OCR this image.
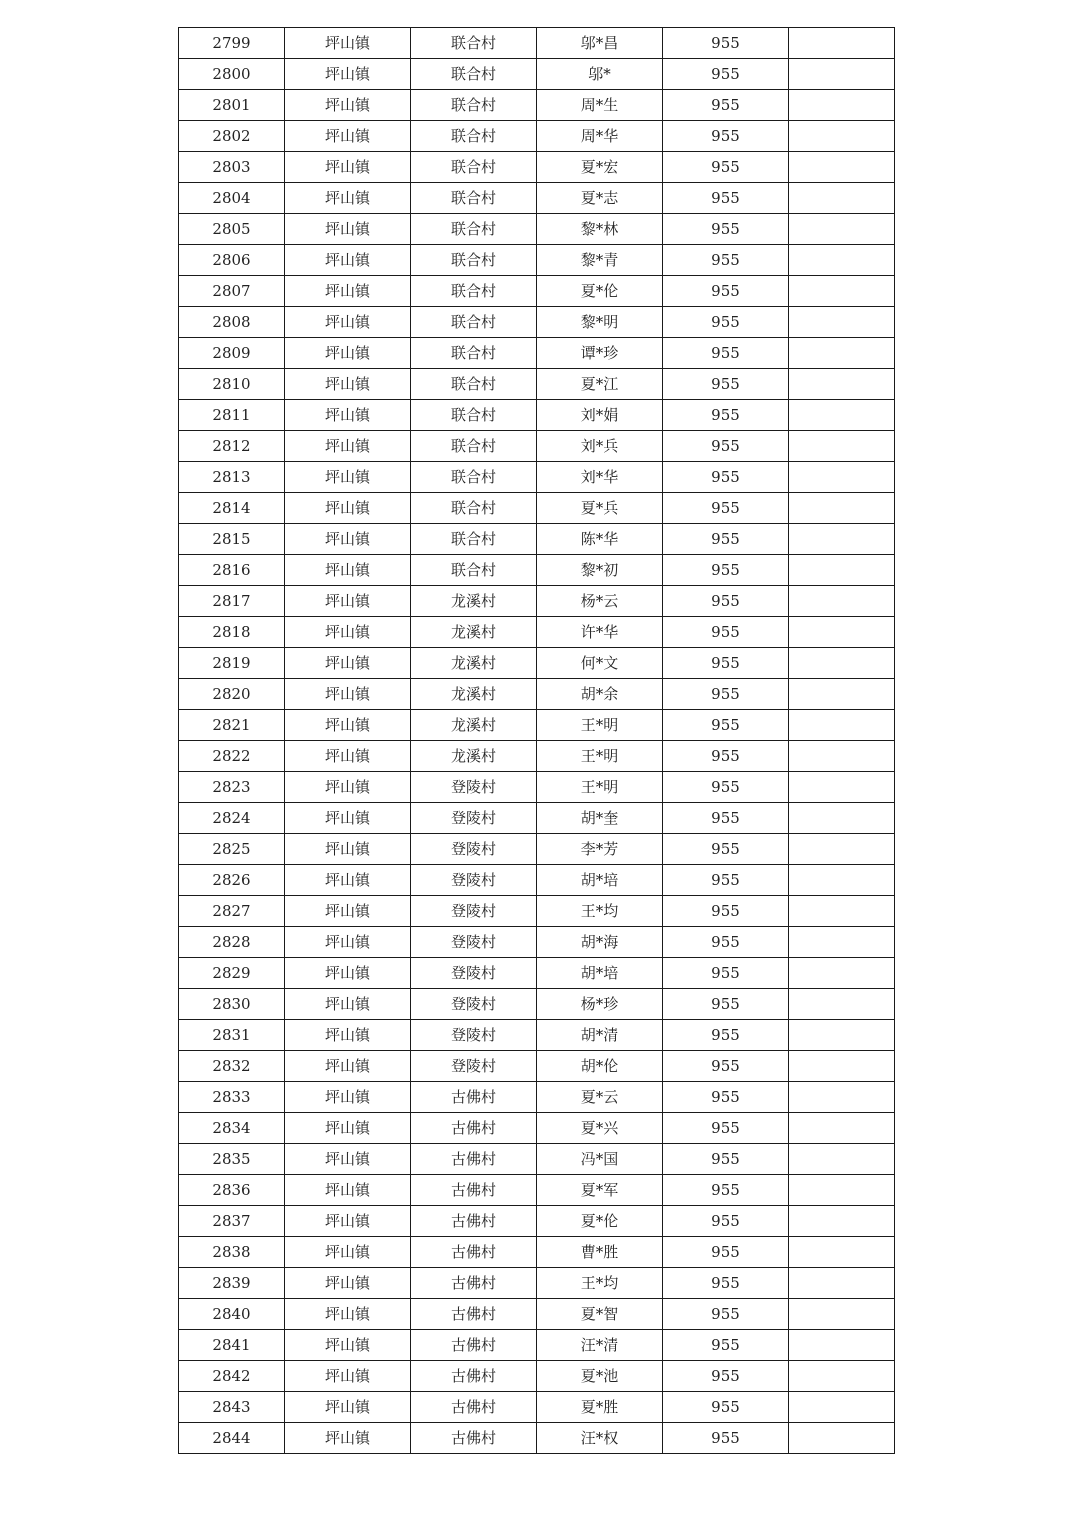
2799	坪山镇	联合村	邬*昌	955	
2800	坪山镇	联合村	邬*	955	
2801	坪山镇	联合村	周*生	955	
2802	坪山镇	联合村	周*华	955	
2803	坪山镇	联合村	夏*宏	955	
2804	坪山镇	联合村	夏*志	955	
2805	坪山镇	联合村	黎*林	955	
2806	坪山镇	联合村	黎*青	955	
2807	坪山镇	联合村	夏*伦	955	
2808	坪山镇	联合村	黎*明	955	
2809	坪山镇	联合村	谭*珍	955	
2810	坪山镇	联合村	夏*江	955	
2811	坪山镇	联合村	刘*娟	955	
2812	坪山镇	联合村	刘*兵	955	
2813	坪山镇	联合村	刘*华	955	
2814	坪山镇	联合村	夏*兵	955	
2815	坪山镇	联合村	陈*华	955	
2816	坪山镇	联合村	黎*初	955	
2817	坪山镇	龙溪村	杨*云	955	
2818	坪山镇	龙溪村	许*华	955	
2819	坪山镇	龙溪村	何*文	955	
2820	坪山镇	龙溪村	胡*余	955	
2821	坪山镇	龙溪村	王*明	955	
2822	坪山镇	龙溪村	王*明	955	
2823	坪山镇	登陵村	王*明	955	
2824	坪山镇	登陵村	胡*奎	955	
2825	坪山镇	登陵村	李*芳	955	
2826	坪山镇	登陵村	胡*培	955	
2827	坪山镇	登陵村	王*均	955	
2828	坪山镇	登陵村	胡*海	955	
2829	坪山镇	登陵村	胡*培	955	
2830	坪山镇	登陵村	杨*珍	955	
2831	坪山镇	登陵村	胡*清	955	
2832	坪山镇	登陵村	胡*伦	955	
2833	坪山镇	古佛村	夏*云	955	
2834	坪山镇	古佛村	夏*兴	955	
2835	坪山镇	古佛村	冯*国	955	
2836	坪山镇	古佛村	夏*军	955	
2837	坪山镇	古佛村	夏*伦	955	
2838	坪山镇	古佛村	曹*胜	955	
2839	坪山镇	古佛村	王*均	955	
2840	坪山镇	古佛村	夏*智	955	
2841	坪山镇	古佛村	汪*清	955	
2842	坪山镇	古佛村	夏*池	955	
2843	坪山镇	古佛村	夏*胜	955	
2844	坪山镇	古佛村	汪*权	955	
